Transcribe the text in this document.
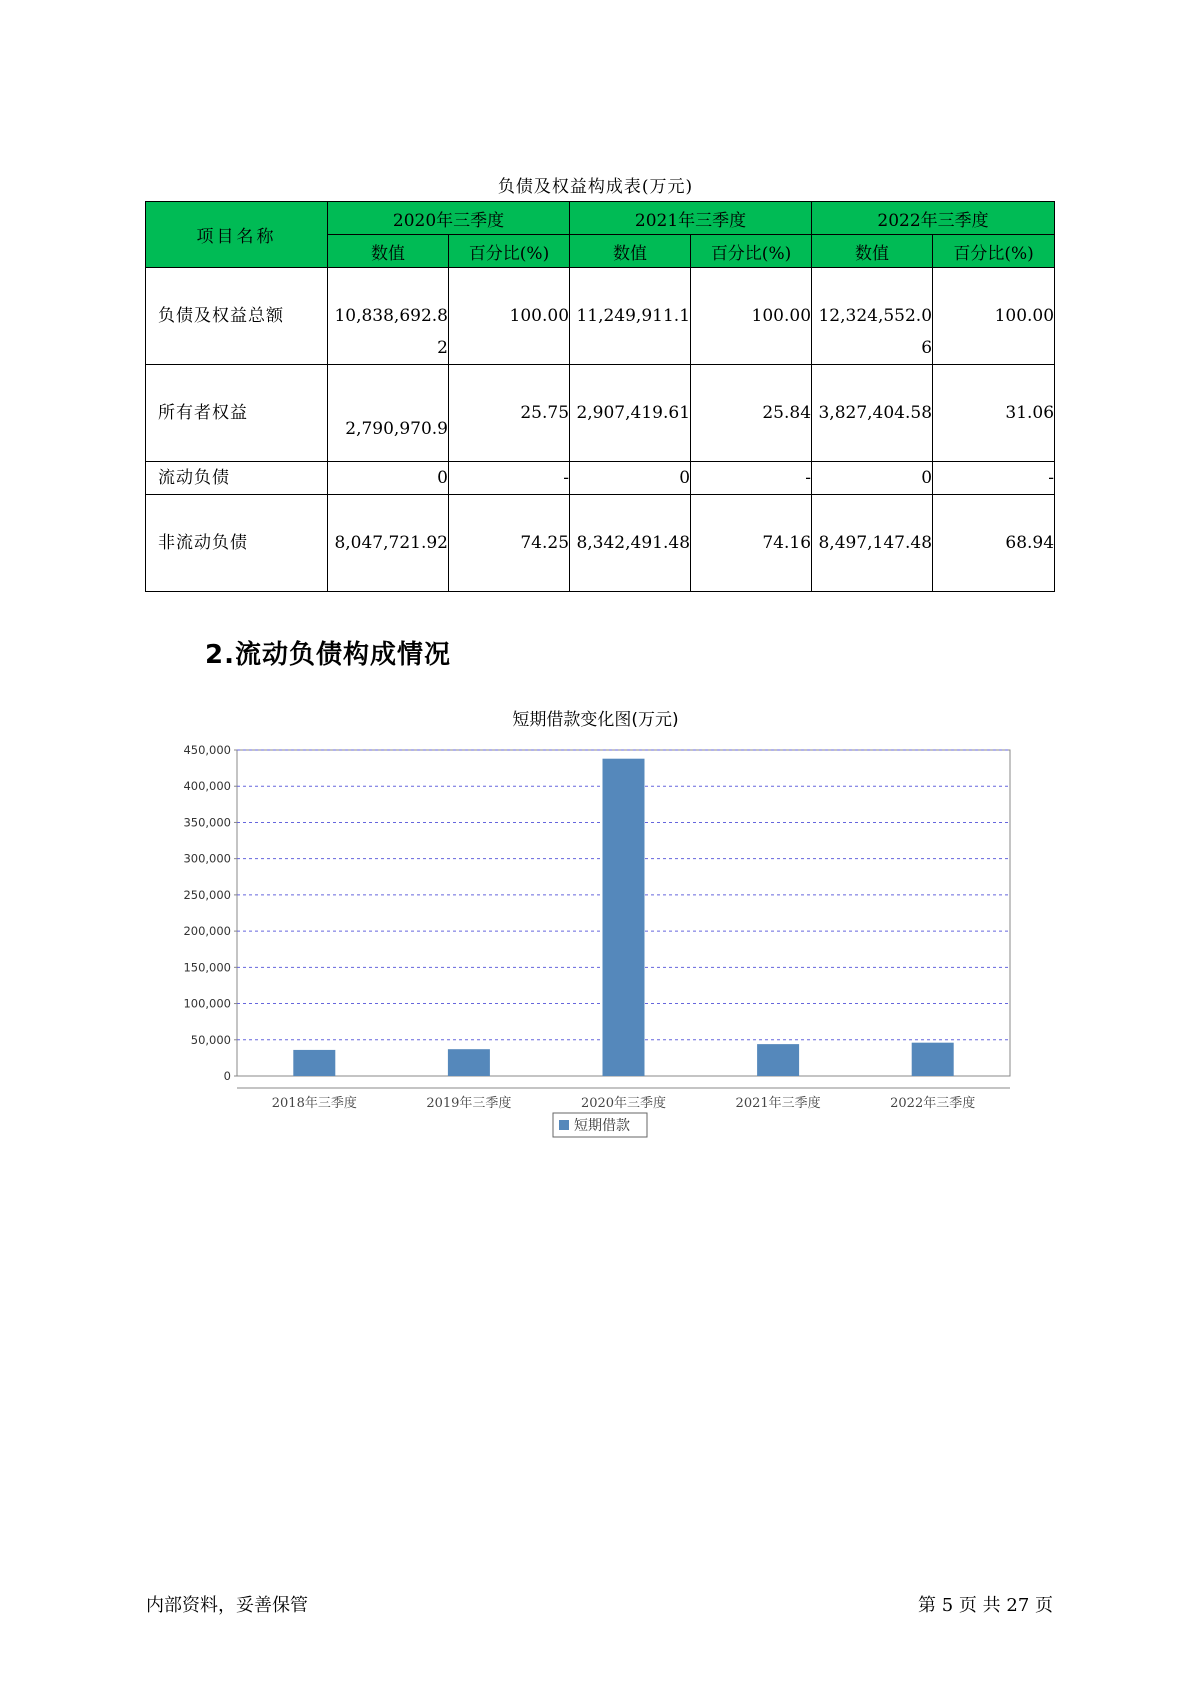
负债及权益构成表(万元)
项目名称	2020年三季度		2021年三季度		2022年三季度	
	数值	百分比(%)	数值	百分比(%)	数值	百分比(%)

负债及权益总额	10,838,692.82	100.00	11,249,911.1	100.00	12,324,552.06	100.00

所有者权益	2,790,970.9	25.75	2,907,419.61	25.84	3,827,404.58	31.06

流动负债	0	-	0	-	0	-

非流动负债	8,047,721.92	74.25	8,342,491.48	74.16	8,497,147.48	68.94
2.流动负债构成情况
短期借款变化图(万元)
0
50,000
100,000
150,000
200,000
250,000
300,000
350,000
400,000
450,000
2018年三季度	2019年三季度	2020年三季度	2021年三季度	2022年三季度
短期借款
内部资料，妥善保管	第 5 页 共 27 页
